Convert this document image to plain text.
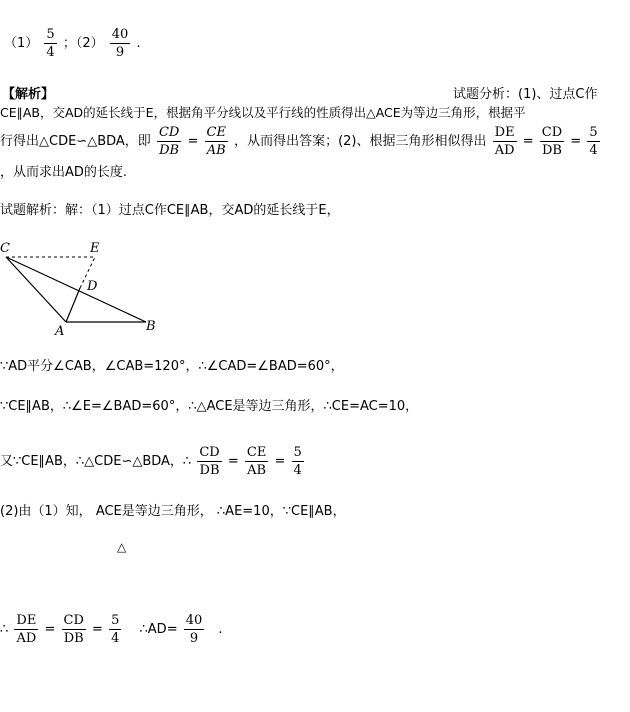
$(1) \frac{5}{4}$ ；$(2) \frac{40}{9}$ .
【解析】	试题分析：(1)、过点C作
CE∥AB，交AD的延长线于E，根据角平分线以及平行线的性质得出△ACE为等边三角形，根据平
行得出△CDE∽△BDA，即 $\frac{CD}{DB} = \frac{CE}{AB}$ ，从而得出答案；(2)、根据三角形相似得出 $\frac{DE}{AD} = \frac{CD}{DB} = \frac{5}{4}$
，从而求出AD的长度.
试题解析：解：（1）过点C作CE∥AB，交AD的延长线于E，
C	E
D
A	B
∵AD平分∠CAB，∠CAB=120°，∴∠CAD=∠BAD=60°，
∵CE∥AB，∴∠E=∠BAD=60°，∴△ACE是等边三角形，∴CE=AC=10，
又∵CE∥AB，∴△CDE∽△BDA，∴ $\frac{CD}{DB} = \frac{CE}{AB} = \frac{5}{4}$
(2)由（1）知， ACE是等边三角形， ∴AE=10，∵CE∥AB，
△
∴ $\frac{DE}{AD} = \frac{CD}{DB} = \frac{5}{4}$ ∴AD= $\frac{40}{9}$ .
